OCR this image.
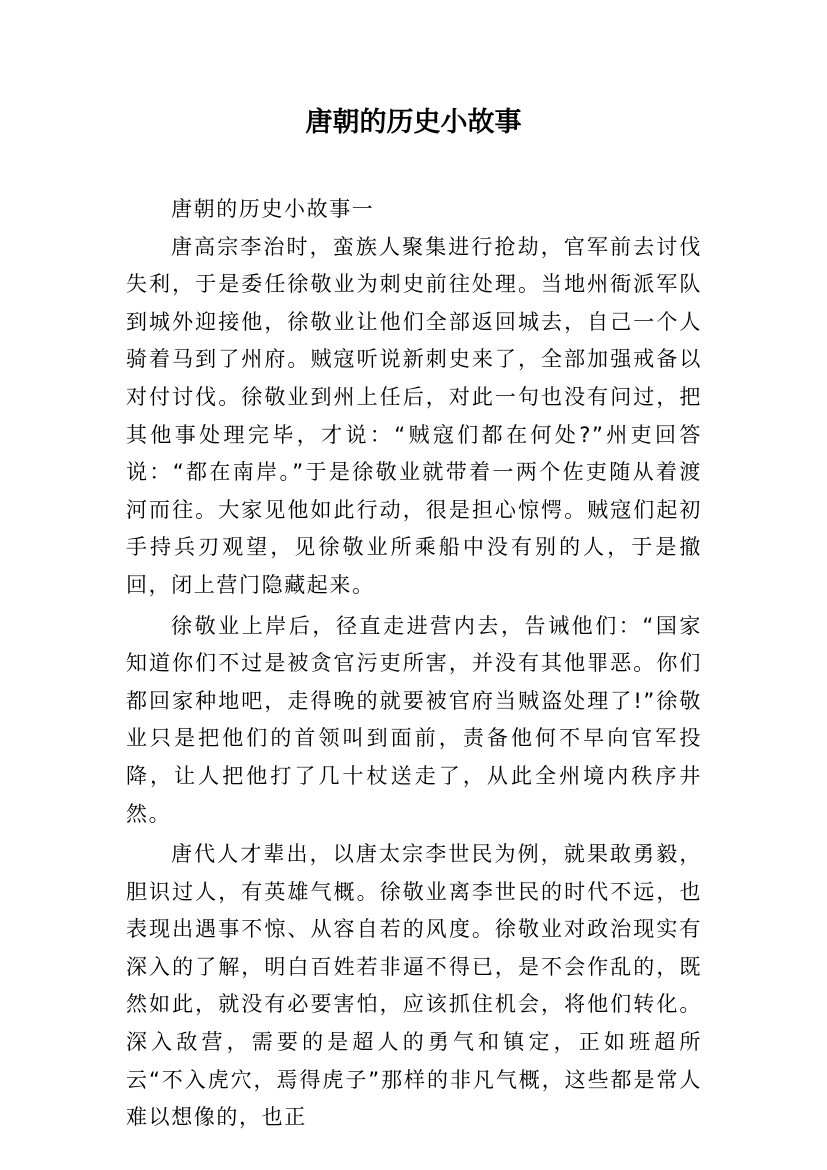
唐朝的历史小故事

唐朝的历史小故事一

唐高宗李治时，蛮族人聚集进行抢劫，官军前去讨伐失利，于是委任徐敬业为刺史前往处理。当地州衙派军队到城外迎接他，徐敬业让他们全部返回城去，自己一个人骑着马到了州府。贼寇听说新刺史来了，全部加强戒备以对付讨伐。徐敬业到州上任后，对此一句也没有问过，把其他事处理完毕，才说：“贼寇们都在何处?”州吏回答说：“都在南岸。”于是徐敬业就带着一两个佐吏随从着渡河而往。大家见他如此行动，很是担心惊愕。贼寇们起初手持兵刃观望，见徐敬业所乘船中没有别的人，于是撤回，闭上营门隐藏起来。

徐敬业上岸后，径直走进营内去，告诫他们：“国家知道你们不过是被贪官污吏所害，并没有其他罪恶。你们都回家种地吧，走得晚的就要被官府当贼盗处理了!”徐敬业只是把他们的首领叫到面前，责备他何不早向官军投降，让人把他打了几十杖送走了，从此全州境内秩序井然。

唐代人才辈出，以唐太宗李世民为例，就果敢勇毅，胆识过人，有英雄气概。徐敬业离李世民的时代不远，也表现出遇事不惊、从容自若的风度。徐敬业对政治现实有深入的了解，明白百姓若非逼不得已，是不会作乱的，既然如此，就没有必要害怕，应该抓住机会，将他们转化。深入敌营，需要的是超人的勇气和镇定，正如班超所云“不入虎穴，焉得虎子”那样的非凡气概，这些都是常人难以想像的，也正
